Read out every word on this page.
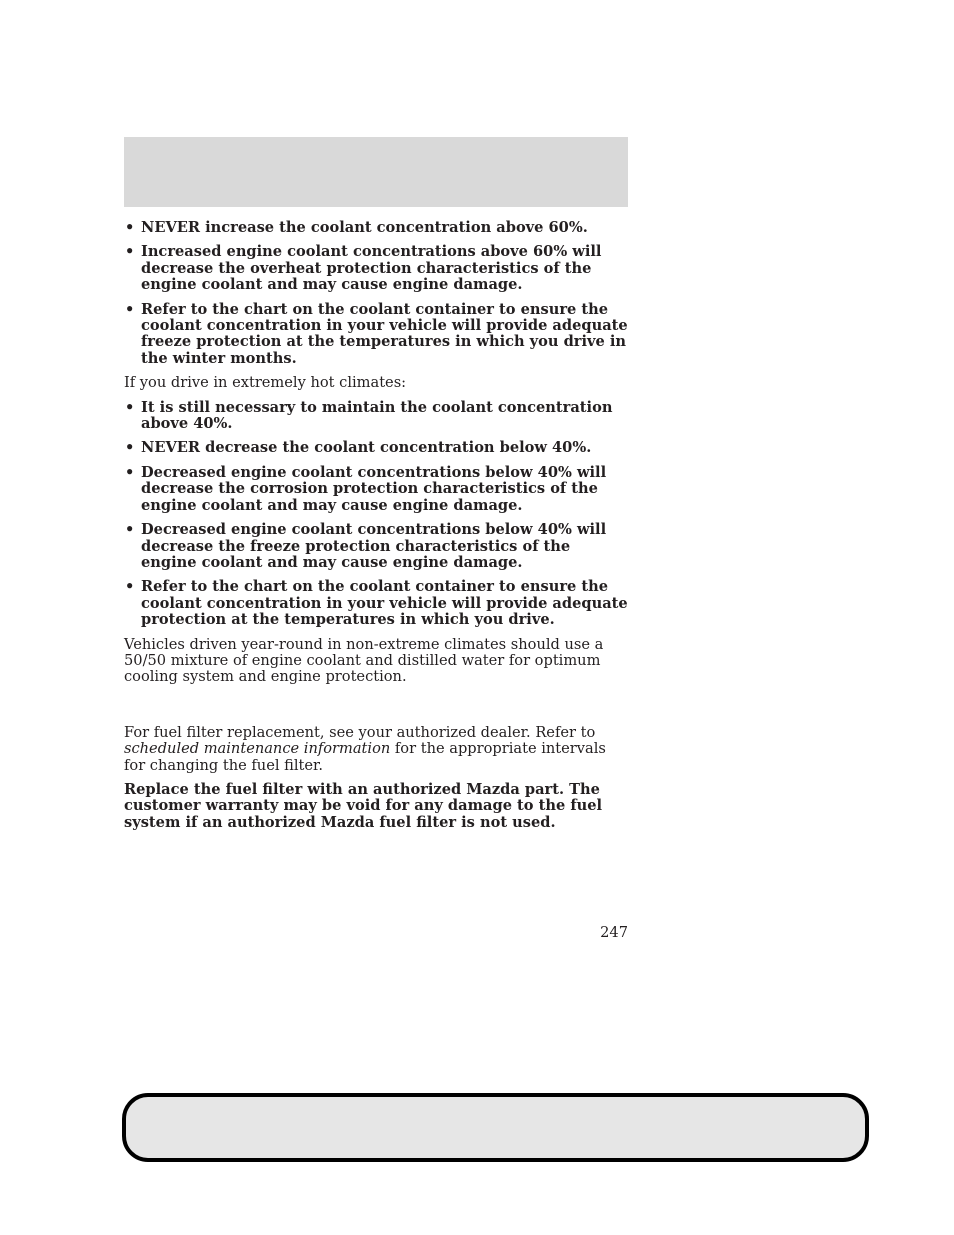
• NEVER increase the coolant concentration above 60%.
• Increased engine coolant concentrations above 60% will decrease the overheat protection characteristics of the engine coolant and may cause engine damage.
• Refer to the chart on the coolant container to ensure the coolant concentration in your vehicle will provide adequate freeze protection at the temperatures in which you drive in the winter months.

If you drive in extremely hot climates:

• It is still necessary to maintain the coolant concentration above 40%.
• NEVER decrease the coolant concentration below 40%.
• Decreased engine coolant concentrations below 40% will decrease the corrosion protection characteristics of the engine coolant and may cause engine damage.
• Decreased engine coolant concentrations below 40% will decrease the freeze protection characteristics of the engine coolant and may cause engine damage.
• Refer to the chart on the coolant container to ensure the coolant concentration in your vehicle will provide adequate protection at the temperatures in which you drive.

Vehicles driven year-round in non-extreme climates should use a 50/50 mixture of engine coolant and distilled water for optimum cooling system and engine protection.

For fuel filter replacement, see your authorized dealer. Refer to scheduled maintenance information for the appropriate intervals for changing the fuel filter.

Replace the fuel filter with an authorized Mazda part. The customer warranty may be void for any damage to the fuel system if an authorized Mazda fuel filter is not used.

247
